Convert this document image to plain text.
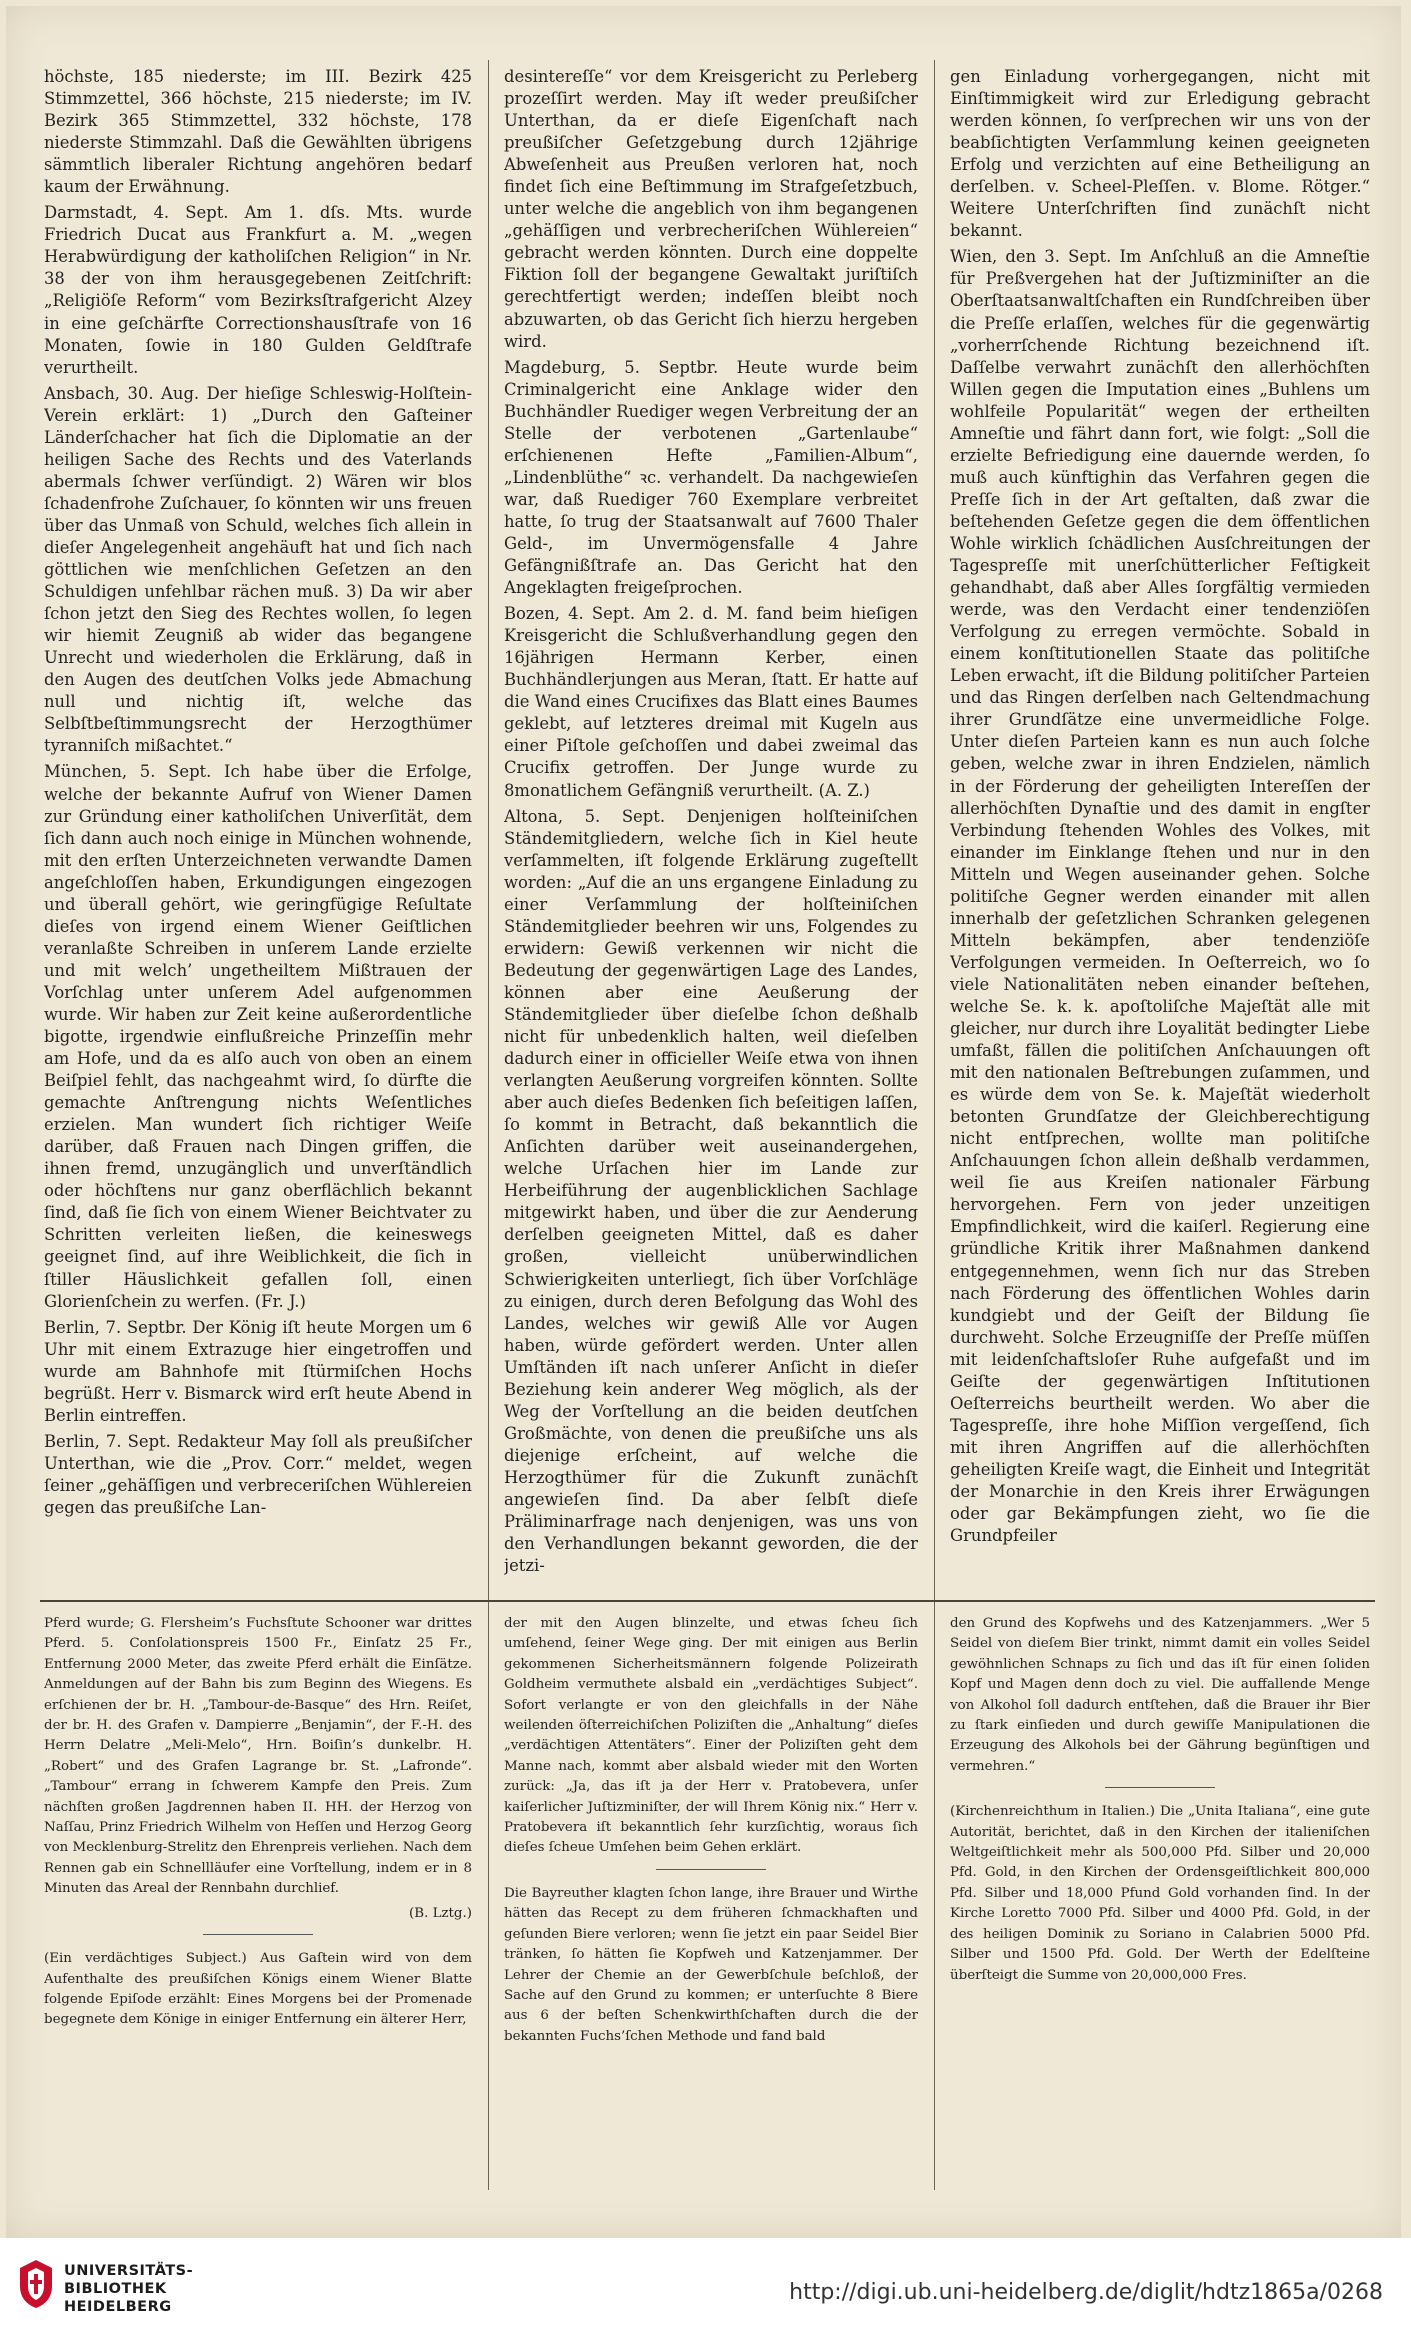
höchste, 185 niederste; im III. Bezirk 425 Stimmzettel, 366 höchste, 215 niederste; im IV. Bezirk 365 Stimmzettel, 332 höchste, 178 niederste Stimmzahl. Daß die Gewählten übrigens sämmtlich liberaler Richtung angehören bedarf kaum der Erwähnung.

Darmstadt, 4. Sept. Am 1. dſs. Mts. wurde Friedrich Ducat aus Frankfurt a. M. „wegen Herabwürdigung der katholiſchen Religion“ in Nr. 38 der von ihm herausgegebenen Zeitſchrift: „Religiöſe Reform“ vom Bezirksſtrafgericht Alzey in eine geſchärfte Correctionshausſtrafe von 16 Monaten, ſowie in 180 Gulden Geldſtrafe verurtheilt.

Ansbach, 30. Aug. Der hieſige Schleswig-Holſtein-Verein erklärt: 1) „Durch den Gaſteiner Länderſchacher hat ſich die Diplomatie an der heiligen Sache des Rechts und des Vaterlands abermals ſchwer verſündigt. 2) Wären wir blos ſchadenfrohe Zuſchauer, ſo könnten wir uns freuen über das Unmaß von Schuld, welches ſich allein in dieſer Angelegenheit angehäuft hat und ſich nach göttlichen wie menſchlichen Geſetzen an den Schuldigen unfehlbar rächen muß. 3) Da wir aber ſchon jetzt den Sieg des Rechtes wollen, ſo legen wir hiemit Zeugniß ab wider das begangene Unrecht und wiederholen die Erklärung, daß in den Augen des deutſchen Volks jede Abmachung null und nichtig iſt, welche das Selbſtbeſtimmungsrecht der Herzogthümer tyranniſch mißachtet.“

München, 5. Sept. Ich habe über die Erfolge, welche der bekannte Aufruf von Wiener Damen zur Gründung einer katholiſchen Univerſität, dem ſich dann auch noch einige in München wohnende, mit den erſten Unterzeichneten verwandte Damen angeſchloſſen haben, Erkundigungen eingezogen und überall gehört, wie geringfügige Reſultate dieſes von irgend einem Wiener Geiſtlichen veranlaßte Schreiben in unſerem Lande erzielte und mit welch’ ungetheiltem Mißtrauen der Vorſchlag unter unſerem Adel aufgenommen wurde. Wir haben zur Zeit keine außerordentliche bigotte, irgendwie einflußreiche Prinzeſſin mehr am Hofe, und da es alſo auch von oben an einem Beiſpiel fehlt, das nachgeahmt wird, ſo dürfte die gemachte Anſtrengung nichts Weſentliches erzielen. Man wundert ſich richtiger Weiſe darüber, daß Frauen nach Dingen griffen, die ihnen fremd, unzugänglich und unverſtändlich oder höchſtens nur ganz oberflächlich bekannt ſind, daß ſie ſich von einem Wiener Beichtvater zu Schritten verleiten ließen, die keineswegs geeignet ſind, auf ihre Weiblichkeit, die ſich in ſtiller Häuslichkeit gefallen ſoll, einen Glorienſchein zu werfen. (Fr. J.)

Berlin, 7. Septbr. Der König iſt heute Morgen um 6 Uhr mit einem Extrazuge hier eingetroffen und wurde am Bahnhofe mit ſtürmiſchen Hochs begrüßt. Herr v. Bismarck wird erſt heute Abend in Berlin eintreffen.

Berlin, 7. Sept. Redakteur May ſoll als preußiſcher Unterthan, wie die „Prov. Corr.“ meldet, wegen ſeiner „gehäſſigen und verbreceriſchen Wühlereien gegen das preußiſche Lan-

desintereſſe“ vor dem Kreisgericht zu Perleberg prozeſſirt werden. May iſt weder preußiſcher Unterthan, da er dieſe Eigenſchaft nach preußiſcher Geſetzgebung durch 12jährige Abweſenheit aus Preußen verloren hat, noch findet ſich eine Beſtimmung im Strafgeſetzbuch, unter welche die angeblich von ihm begangenen „gehäſſigen und verbrecheriſchen Wühlereien“ gebracht werden könnten. Durch eine doppelte Fiktion ſoll der begangene Gewaltakt juriſtiſch gerechtfertigt werden; indeſſen bleibt noch abzuwarten, ob das Gericht ſich hierzu hergeben wird.

Magdeburg, 5. Septbr. Heute wurde beim Criminalgericht eine Anklage wider den Buchhändler Ruediger wegen Verbreitung der an Stelle der verbotenen „Gartenlaube“ erſchienenen Hefte „Familien-Album“, „Lindenblüthe“ ꝛc. verhandelt. Da nachgewieſen war, daß Ruediger 760 Exemplare verbreitet hatte, ſo trug der Staatsanwalt auf 7600 Thaler Geld-, im Unvermögensfalle 4 Jahre Gefängnißſtrafe an. Das Gericht hat den Angeklagten freigeſprochen.

Bozen, 4. Sept. Am 2. d. M. fand beim hieſigen Kreisgericht die Schlußverhandlung gegen den 16jährigen Hermann Kerber, einen Buchhändlerjungen aus Meran, ſtatt. Er hatte auf die Wand eines Crucifixes das Blatt eines Baumes geklebt, auf letzteres dreimal mit Kugeln aus einer Piſtole geſchoſſen und dabei zweimal das Crucifix getroffen. Der Junge wurde zu 8monatlichem Gefängniß verurtheilt. (A. Z.)

Altona, 5. Sept. Denjenigen holſteiniſchen Ständemitgliedern, welche ſich in Kiel heute verſammelten, iſt folgende Erklärung zugeſtellt worden: „Auf die an uns ergangene Einladung zu einer Verſammlung der holſteiniſchen Ständemitglieder beehren wir uns, Folgendes zu erwidern: Gewiß verkennen wir nicht die Bedeutung der gegenwärtigen Lage des Landes, können aber eine Aeußerung der Ständemitglieder über dieſelbe ſchon deßhalb nicht für unbedenklich halten, weil dieſelben dadurch einer in officieller Weiſe etwa von ihnen verlangten Aeußerung vorgreifen könnten. Sollte aber auch dieſes Bedenken ſich beſeitigen laſſen, ſo kommt in Betracht, daß bekanntlich die Anſichten darüber weit auseinandergehen, welche Urſachen hier im Lande zur Herbeiführung der augenblicklichen Sachlage mitgewirkt haben, und über die zur Aenderung derſelben geeigneten Mittel, daß es daher großen, vielleicht unüberwindlichen Schwierigkeiten unterliegt, ſich über Vorſchläge zu einigen, durch deren Befolgung das Wohl des Landes, welches wir gewiß Alle vor Augen haben, würde gefördert werden. Unter allen Umſtänden iſt nach unſerer Anſicht in dieſer Beziehung kein anderer Weg möglich, als der Weg der Vorſtellung an die beiden deutſchen Großmächte, von denen die preußiſche uns als diejenige erſcheint, auf welche die Herzogthümer für die Zukunft zunächſt angewieſen ſind. Da aber ſelbſt dieſe Präliminarfrage nach denjenigen, was uns von den Verhandlungen bekannt geworden, die der jetzi-

gen Einladung vorhergegangen, nicht mit Einſtimmigkeit wird zur Erledigung gebracht werden können, ſo verſprechen wir uns von der beabſichtigten Verſammlung keinen geeigneten Erfolg und verzichten auf eine Betheiligung an derſelben. v. Scheel-Pleſſen. v. Blome. Rötger.“ Weitere Unterſchriften ſind zunächſt nicht bekannt.

Wien, den 3. Sept. Im Anſchluß an die Amneſtie für Preßvergehen hat der Juſtizminiſter an die Oberſtaatsanwaltſchaften ein Rundſchreiben über die Preſſe erlaſſen, welches für die gegenwärtig „vorherrſchende Richtung bezeichnend iſt. Daſſelbe verwahrt zunächſt den allerhöchſten Willen gegen die Imputation eines „Buhlens um wohlfeile Popularität“ wegen der ertheilten Amneſtie und fährt dann fort, wie folgt: „Soll die erzielte Befriedigung eine dauernde werden, ſo muß auch künftighin das Verfahren gegen die Preſſe ſich in der Art geſtalten, daß zwar die beſtehenden Geſetze gegen die dem öffentlichen Wohle wirklich ſchädlichen Ausſchreitungen der Tagespreſſe mit unerſchütterlicher Feſtigkeit gehandhabt, daß aber Alles ſorgfältig vermieden werde, was den Verdacht einer tendenziöſen Verfolgung zu erregen vermöchte. Sobald in einem konſtitutionellen Staate das politiſche Leben erwacht, iſt die Bildung politiſcher Parteien und das Ringen derſelben nach Geltendmachung ihrer Grundſätze eine unvermeidliche Folge. Unter dieſen Parteien kann es nun auch ſolche geben, welche zwar in ihren Endzielen, nämlich in der Förderung der geheiligten Intereſſen der allerhöchſten Dynaſtie und des damit in engſter Verbindung ſtehenden Wohles des Volkes, mit einander im Einklange ſtehen und nur in den Mitteln und Wegen auseinander gehen. Solche politiſche Gegner werden einander mit allen innerhalb der geſetzlichen Schranken gelegenen Mitteln bekämpfen, aber tendenziöſe Verfolgungen vermeiden. In Oeſterreich, wo ſo viele Nationalitäten neben einander beſtehen, welche Se. k. k. apoſtoliſche Majeſtät alle mit gleicher, nur durch ihre Loyalität bedingter Liebe umfaßt, fällen die politiſchen Anſchauungen oft mit den nationalen Beſtrebungen zuſammen, und es würde dem von Se. k. Majeſtät wiederholt betonten Grundſatze der Gleichberechtigung nicht entſprechen, wollte man politiſche Anſchauungen ſchon allein deßhalb verdammen, weil ſie aus Kreiſen nationaler Färbung hervorgehen. Fern von jeder unzeitigen Empfindlichkeit, wird die kaiſerl. Regierung eine gründliche Kritik ihrer Maßnahmen dankend entgegennehmen, wenn ſich nur das Streben nach Förderung des öffentlichen Wohles darin kundgiebt und der Geiſt der Bildung ſie durchweht. Solche Erzeugniſſe der Preſſe müſſen mit leidenſchaftsloſer Ruhe aufgefaßt und im Geiſte der gegenwärtigen Inſtitutionen Oeſterreichs beurtheilt werden. Wo aber die Tagespreſſe, ihre hohe Miſſion vergeſſend, ſich mit ihren Angriffen auf die allerhöchſten geheiligten Kreiſe wagt, die Einheit und Integrität der Monarchie in den Kreis ihrer Erwägungen oder gar Bekämpfungen zieht, wo ſie die Grundpfeiler

Pferd wurde; G. Flersheim’s Fuchsſtute Schooner war drittes Pferd. 5. Conſolationspreis 1500 Fr., Einſatz 25 Fr., Entfernung 2000 Meter, das zweite Pferd erhält die Einſätze. Anmeldungen auf der Bahn bis zum Beginn des Wiegens. Es erſchienen der br. H. „Tambour-de-Basque“ des Hrn. Reiſet, der br. H. des Grafen v. Dampierre „Benjamin“, der F.-H. des Herrn Delatre „Meli-Melo“, Hrn. Boiſin’s dunkelbr. H. „Robert“ und des Grafen Lagrange br. St. „Lafronde“. „Tambour“ errang in ſchwerem Kampfe den Preis. Zum nächſten großen Jagdrennen haben II. HH. der Herzog von Naſſau, Prinz Friedrich Wilhelm von Heſſen und Herzog Georg von Mecklenburg-Strelitz den Ehrenpreis verliehen. Nach dem Rennen gab ein Schnellläufer eine Vorſtellung, indem er in 8 Minuten das Areal der Rennbahn durchlief.

(B. Lztg.)

(Ein verdächtiges Subject.) Aus Gaſtein wird von dem Aufenthalte des preußiſchen Königs einem Wiener Blatte folgende Epiſode erzählt: Eines Morgens bei der Promenade begegnete dem Könige in einiger Entfernung ein älterer Herr,

der mit den Augen blinzelte, und etwas ſcheu ſich umſehend, ſeiner Wege ging. Der mit einigen aus Berlin gekommenen Sicherheitsmännern folgende Polizeirath Goldheim vermuthete alsbald ein „verdächtiges Subject“. Sofort verlangte er von den gleichfalls in der Nähe weilenden öſterreichiſchen Poliziſten die „Anhaltung“ dieſes „verdächtigen Attentäters“. Einer der Poliziſten geht dem Manne nach, kommt aber alsbald wieder mit den Worten zurück: „Ja, das iſt ja der Herr v. Pratobevera, unſer kaiſerlicher Juſtizminiſter, der will Ihrem König nix.“ Herr v. Pratobevera iſt bekanntlich ſehr kurzſichtig, woraus ſich dieſes ſcheue Umſehen beim Gehen erklärt.

Die Bayreuther klagten ſchon lange, ihre Brauer und Wirthe hätten das Recept zu dem früheren ſchmackhaften und geſunden Biere verloren; wenn ſie jetzt ein paar Seidel Bier tränken, ſo hätten ſie Kopfweh und Katzenjammer. Der Lehrer der Chemie an der Gewerbſchule beſchloß, der Sache auf den Grund zu kommen; er unterſuchte 8 Biere aus 6 der beſten Schenkwirthſchaften durch die der bekannten Fuchs’ſchen Methode und fand bald

den Grund des Kopfwehs und des Katzenjammers. „Wer 5 Seidel von dieſem Bier trinkt, nimmt damit ein volles Seidel gewöhnlichen Schnaps zu ſich und das iſt für einen ſoliden Kopf und Magen denn doch zu viel. Die auffallende Menge von Alkohol ſoll dadurch entſtehen, daß die Brauer ihr Bier zu ſtark einſieden und durch gewiſſe Manipulationen die Erzeugung des Alkohols bei der Gährung begünſtigen und vermehren.“

(Kirchenreichthum in Italien.) Die „Unita Italiana“, eine gute Autorität, berichtet, daß in den Kirchen der italieniſchen Weltgeiſtlichkeit mehr als 500,000 Pfd. Silber und 20,000 Pfd. Gold, in den Kirchen der Ordensgeiſtlichkeit 800,000 Pfd. Silber und 18,000 Pfund Gold vorhanden ſind. In der Kirche Loretto 7000 Pfd. Silber und 4000 Pfd. Gold, in der des heiligen Dominik zu Soriano in Calabrien 5000 Pfd. Silber und 1500 Pfd. Gold. Der Werth der Edelſteine überſteigt die Summe von 20,000,000 Fres.

UNIVERSITÄTS-
BIBLIOTHEK
HEIDELBERG
http://digi.ub.uni-heidelberg.de/diglit/hdtz1865a/0268
